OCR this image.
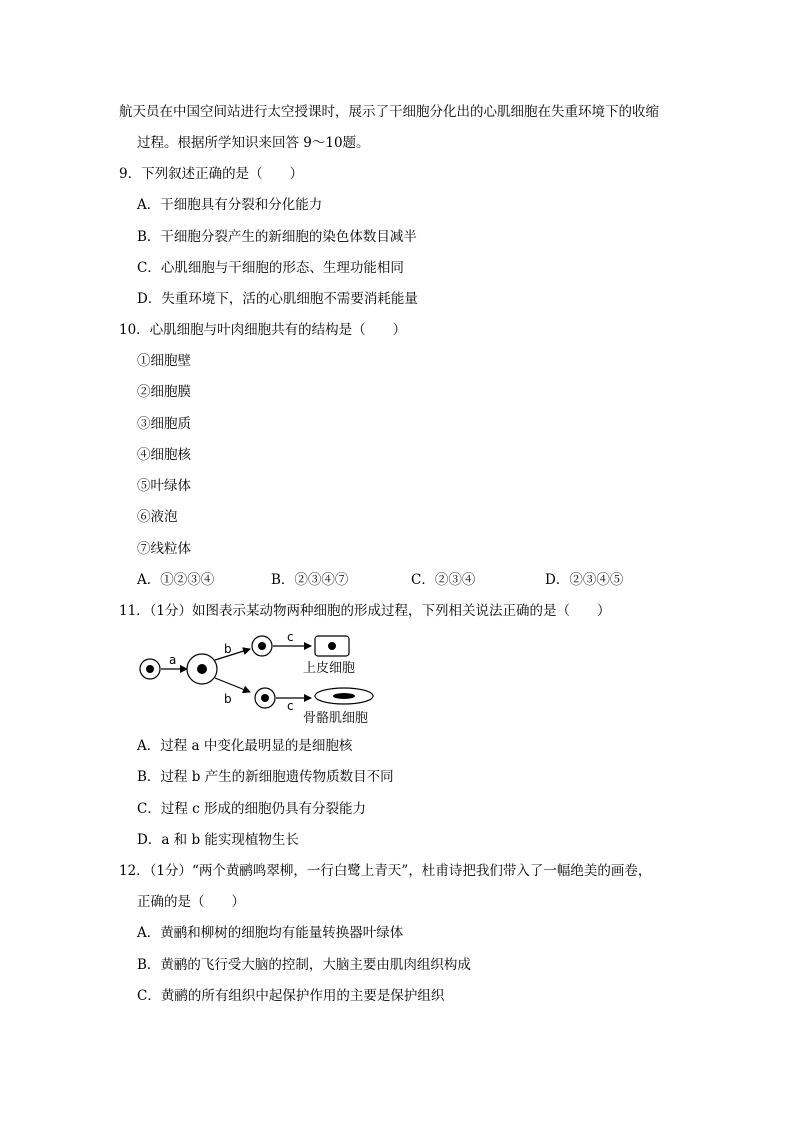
航天员在中国空间站进行太空授课时，展示了干细胞分化出的心肌细胞在失重环境下的收缩
过程。根据所学知识来回答 9～10题。
9．下列叙述正确的是（　　）
A．干细胞具有分裂和分化能力
B．干细胞分裂产生的新细胞的染色体数目减半
C．心肌细胞与干细胞的形态、生理功能相同
D．失重环境下，活的心肌细胞不需要消耗能量
10．心肌细胞与叶肉细胞共有的结构是（　　）
①细胞壁
②细胞膜
③细胞质
④细胞核
⑤叶绿体
⑥液泡
⑦线粒体
A．①②③④	B．②③④⑦	C．②③④	D．②③④⑤
11．（1分）如图表示某动物两种细胞的形成过程，下列相关说法正确的是（　　）
a
b
b
c
c
上皮细胞
骨骼肌细胞
A．过程 a 中变化最明显的是细胞核
B．过程 b 产生的新细胞遗传物质数目不同
C．过程 c 形成的细胞仍具有分裂能力
D．a 和 b 能实现植物生长
12．（1分）“两个黄鹂鸣翠柳，一行白鹭上青天”，杜甫诗把我们带入了一幅绝美的画卷，
正确的是（　　）
A．黄鹂和柳树的细胞均有能量转换器叶绿体
B．黄鹂的飞行受大脑的控制，大脑主要由肌肉组织构成
C．黄鹂的所有组织中起保护作用的主要是保护组织
